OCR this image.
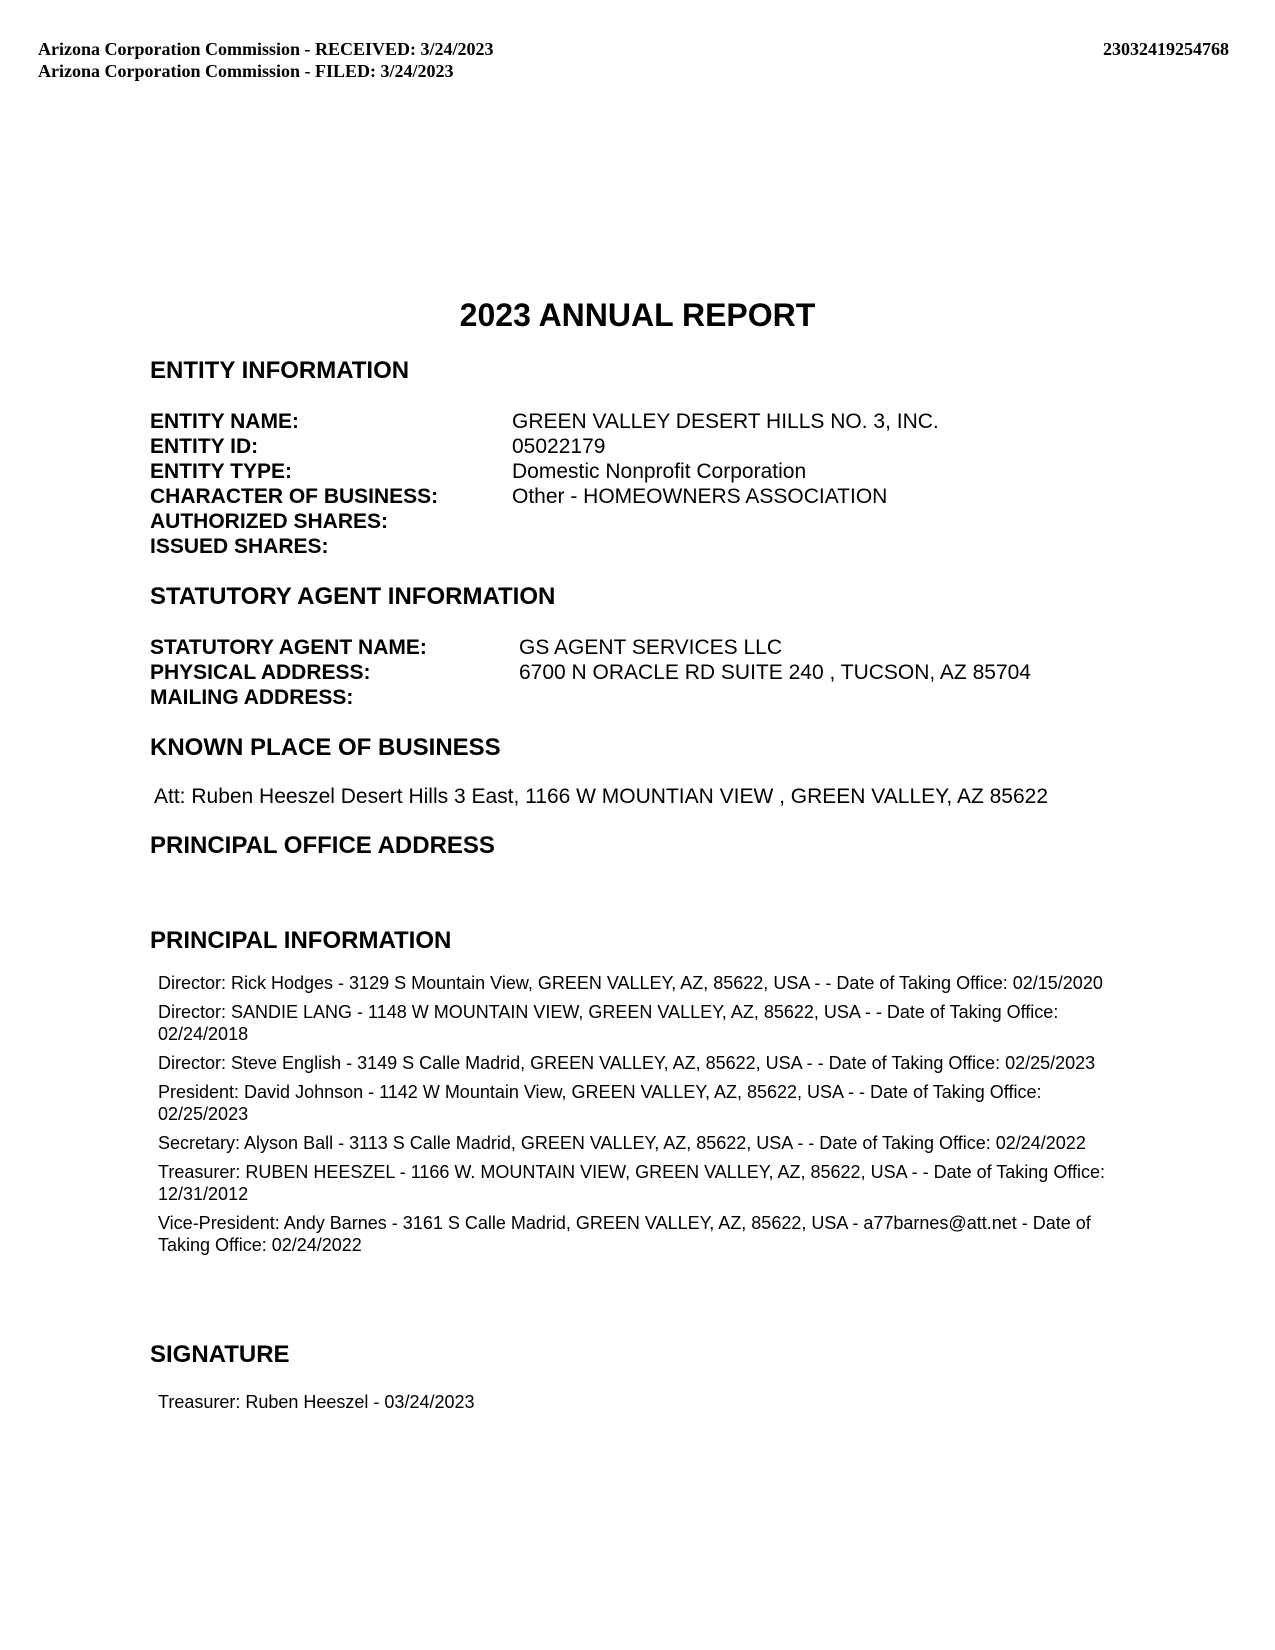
Arizona Corporation Commission - RECEIVED: 3/24/2023
Arizona Corporation Commission - FILED: 3/24/2023
23032419254768
2023 ANNUAL REPORT
ENTITY INFORMATION
ENTITY NAME:	GREEN VALLEY DESERT HILLS NO. 3, INC.
ENTITY ID:	05022179
ENTITY TYPE:	Domestic Nonprofit Corporation
CHARACTER OF BUSINESS:	Other - HOMEOWNERS ASSOCIATION
AUTHORIZED SHARES:
ISSUED SHARES:
STATUTORY AGENT INFORMATION
STATUTORY AGENT NAME:	GS AGENT SERVICES LLC
PHYSICAL ADDRESS:	6700 N ORACLE RD SUITE 240 , TUCSON, AZ 85704
MAILING ADDRESS:
KNOWN PLACE OF BUSINESS
Att: Ruben Heeszel Desert Hills 3 East, 1166 W MOUNTIAN VIEW , GREEN VALLEY, AZ 85622
PRINCIPAL OFFICE ADDRESS
PRINCIPAL INFORMATION
Director: Rick Hodges - 3129 S Mountain View, GREEN VALLEY, AZ, 85622, USA - - Date of Taking Office: 02/15/2020
Director: SANDIE LANG - 1148 W MOUNTAIN VIEW, GREEN VALLEY, AZ, 85622, USA - - Date of Taking Office: 02/24/2018
Director: Steve English - 3149 S Calle Madrid, GREEN VALLEY, AZ, 85622, USA - - Date of Taking Office: 02/25/2023
President: David Johnson - 1142 W Mountain View, GREEN VALLEY, AZ, 85622, USA - - Date of Taking Office: 02/25/2023
Secretary: Alyson Ball - 3113 S Calle Madrid, GREEN VALLEY, AZ, 85622, USA - - Date of Taking Office: 02/24/2022
Treasurer: RUBEN HEESZEL - 1166 W. MOUNTAIN VIEW, GREEN VALLEY, AZ, 85622, USA - - Date of Taking Office: 12/31/2012
Vice-President: Andy Barnes - 3161 S Calle Madrid, GREEN VALLEY, AZ, 85622, USA - a77barnes@att.net - Date of Taking Office: 02/24/2022
SIGNATURE
Treasurer: Ruben Heeszel - 03/24/2023
